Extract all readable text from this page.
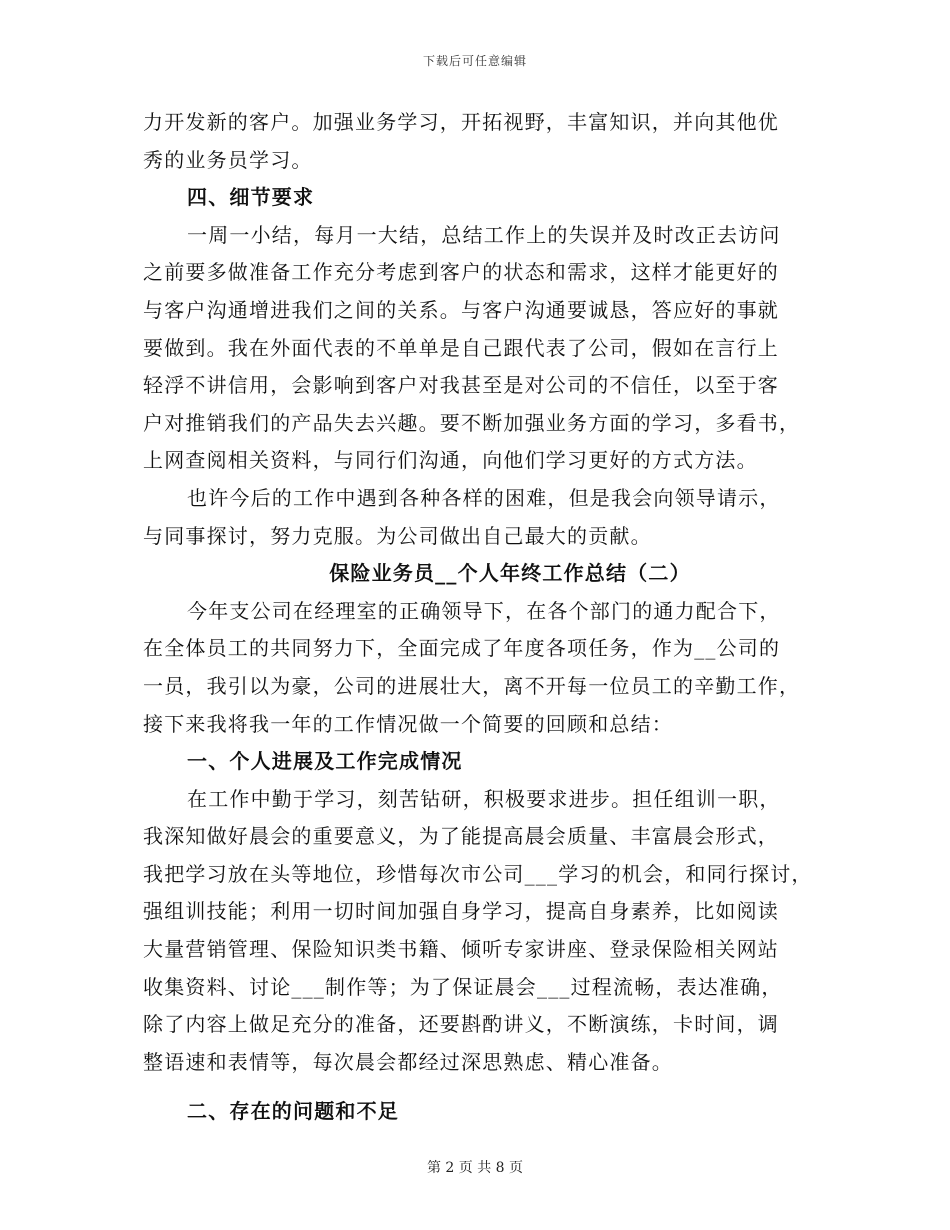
下载后可任意编辑
力开发新的客户。加强业务学习，开拓视野，丰富知识，并向其他优
秀的业务员学习。
四、细节要求
一周一小结，每月一大结，总结工作上的失误并及时改正去访问
之前要多做准备工作充分考虑到客户的状态和需求，这样才能更好的
与客户沟通增进我们之间的关系。与客户沟通要诚恳，答应好的事就
要做到。我在外面代表的不单单是自己跟代表了公司，假如在言行上
轻浮不讲信用，会影响到客户对我甚至是对公司的不信任，以至于客
户对推销我们的产品失去兴趣。要不断加强业务方面的学习，多看书，
上网查阅相关资料，与同行们沟通，向他们学习更好的方式方法。
也许今后的工作中遇到各种各样的困难，但是我会向领导请示，
与同事探讨，努力克服。为公司做出自己最大的贡献。
保险业务员__个人年终工作总结（二）
今年支公司在经理室的正确领导下，在各个部门的通力配合下，
在全体员工的共同努力下，全面完成了年度各项任务，作为__公司的
一员，我引以为豪，公司的进展壮大，离不开每一位员工的辛勤工作，
接下来我将我一年的工作情况做一个简要的回顾和总结：
一、个人进展及工作完成情况
在工作中勤于学习，刻苦钻研，积极要求进步。担任组训一职，
我深知做好晨会的重要意义，为了能提高晨会质量、丰富晨会形式，
我把学习放在头等地位，珍惜每次市公司___学习的机会，和同行探讨，
强组训技能；利用一切时间加强自身学习，提高自身素养，比如阅读
大量营销管理、保险知识类书籍、倾听专家讲座、登录保险相关网站
收集资料、讨论___制作等；为了保证晨会___过程流畅，表达准确，
除了内容上做足充分的准备，还要斟酌讲义，不断演练，卡时间，调
整语速和表情等，每次晨会都经过深思熟虑、精心准备。
二、存在的问题和不足
第 2 页 共 8 页
